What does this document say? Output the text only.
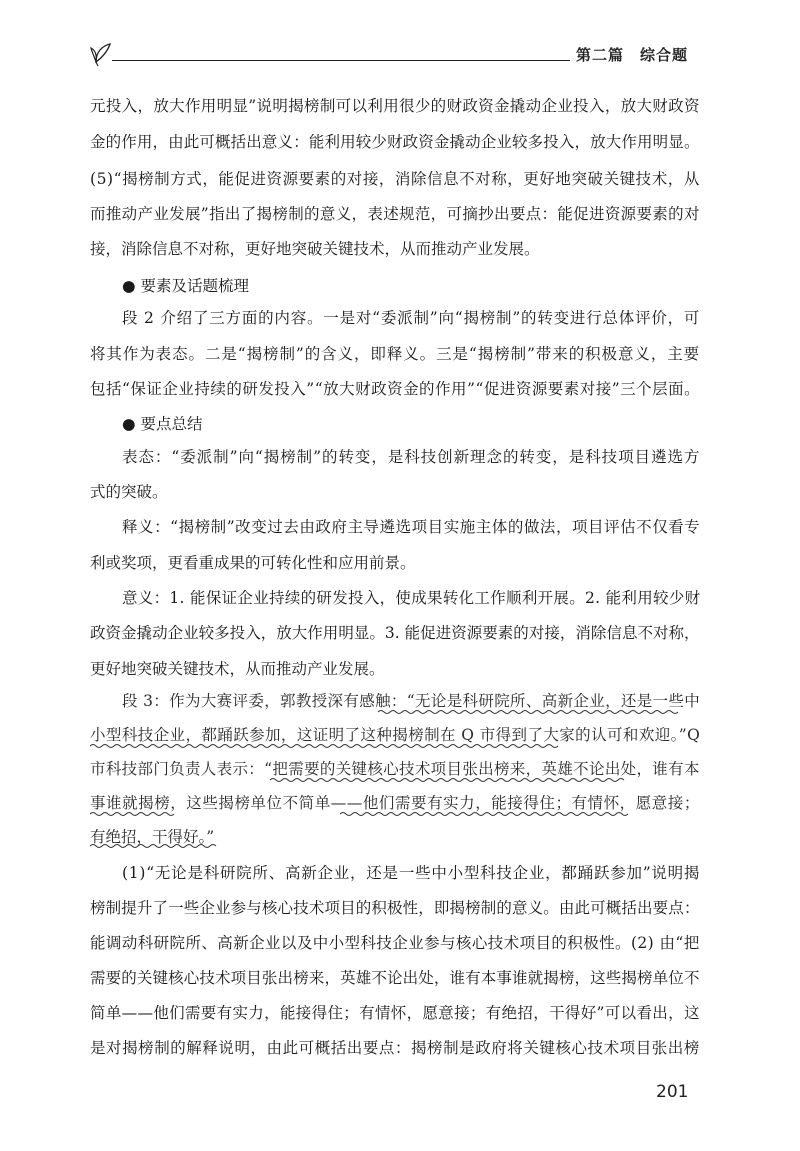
第二篇　综合题
元投入，放大作用明显”说明揭榜制可以利用很少的财政资金撬动企业投入，放大财政资
金的作用，由此可概括出意义：能利用较少财政资金撬动企业较多投入，放大作用明显。
(5)“揭榜制方式，能促进资源要素的对接，消除信息不对称，更好地突破关键技术，从
而推动产业发展”指出了揭榜制的意义，表述规范，可摘抄出要点：能促进资源要素的对
接，消除信息不对称，更好地突破关键技术，从而推动产业发展。
● 要素及话题梳理
段 2 介绍了三方面的内容。一是对“委派制”向“揭榜制”的转变进行总体评价，可
将其作为表态。二是“揭榜制”的含义，即释义。三是“揭榜制”带来的积极意义，主要
包括“保证企业持续的研发投入”“放大财政资金的作用”“促进资源要素对接”三个层面。
● 要点总结
表态：“委派制”向“揭榜制”的转变，是科技创新理念的转变，是科技项目遴选方
式的突破。
释义：“揭榜制”改变过去由政府主导遴选项目实施主体的做法，项目评估不仅看专
利或奖项，更看重成果的可转化性和应用前景。
意义：1. 能保证企业持续的研发投入，使成果转化工作顺利开展。2. 能利用较少财
政资金撬动企业较多投入，放大作用明显。3. 能促进资源要素的对接，消除信息不对称，
更好地突破关键技术，从而推动产业发展。
段 3：作为大赛评委，郭教授深有感触：“无论是科研院所、高新企业，还是一些中
小型科技企业，都踊跃参加，这证明了这种揭榜制在 Q 市得到了大家的认可和欢迎。”Q
市科技部门负责人表示：“把需要的关键核心技术项目张出榜来，英雄不论出处，谁有本
事谁就揭榜，这些揭榜单位不简单——他们需要有实力，能接得住；有情怀，愿意接；
有绝招，干得好。”
(1)“无论是科研院所、高新企业，还是一些中小型科技企业，都踊跃参加”说明揭
榜制提升了一些企业参与核心技术项目的积极性，即揭榜制的意义。由此可概括出要点：
能调动科研院所、高新企业以及中小型科技企业参与核心技术项目的积极性。(2) 由“把
需要的关键核心技术项目张出榜来，英雄不论出处，谁有本事谁就揭榜，这些揭榜单位不
简单——他们需要有实力，能接得住；有情怀，愿意接；有绝招，干得好”可以看出，这
是对揭榜制的解释说明，由此可概括出要点：揭榜制是政府将关键核心技术项目张出榜
201
